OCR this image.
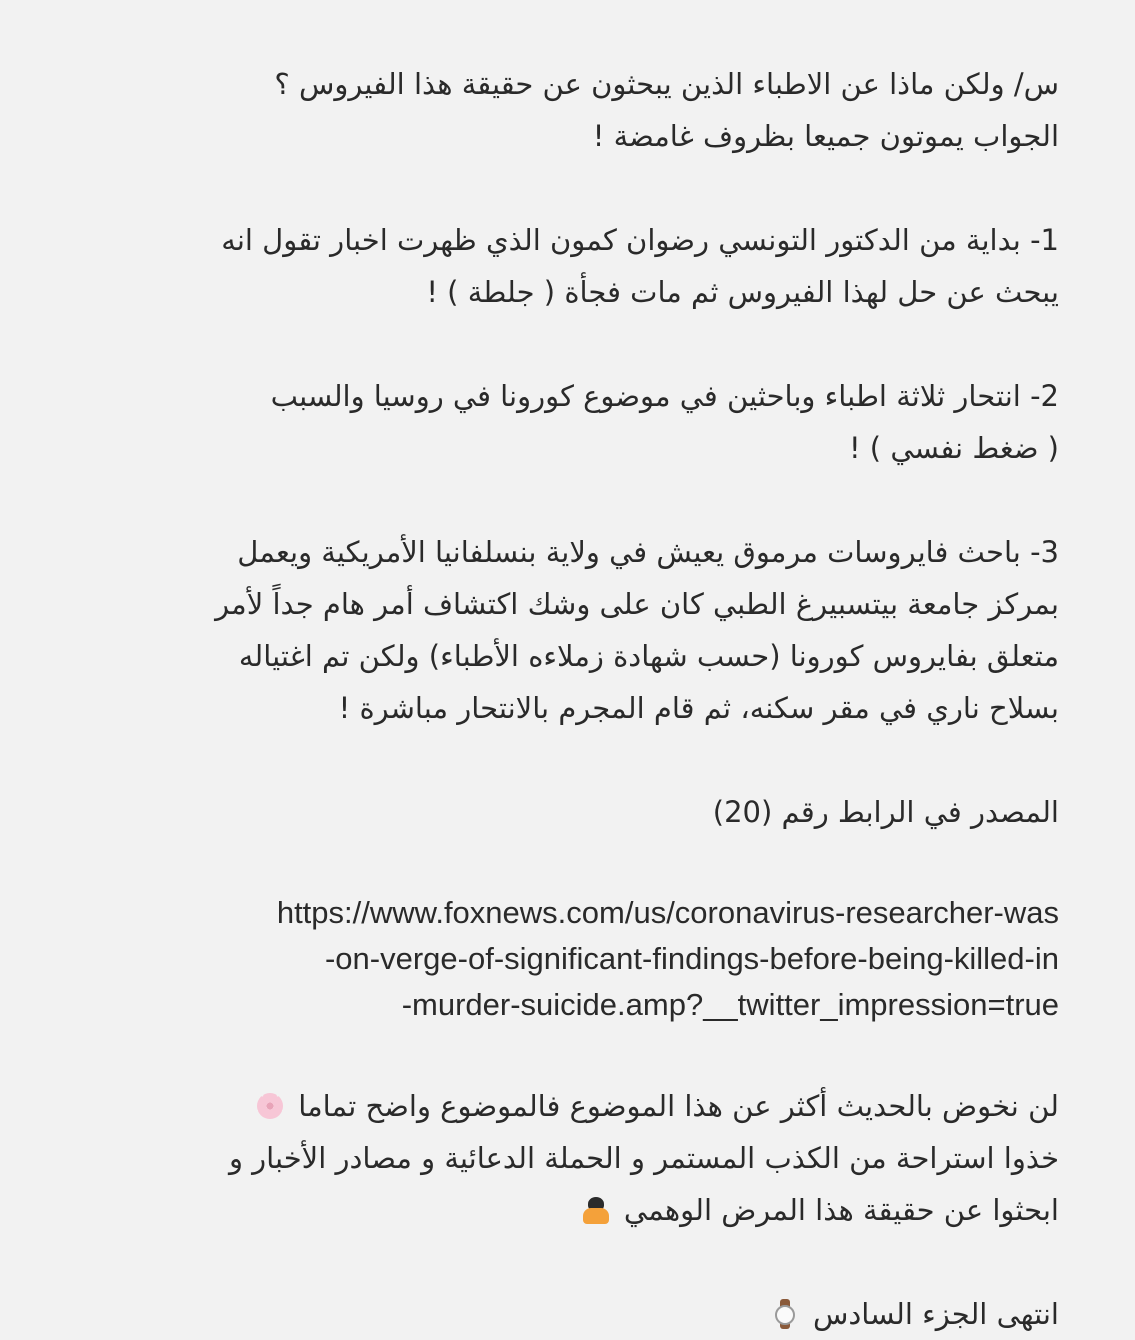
س/ ولكن ماذا عن الاطباء الذين يبحثون عن حقيقة هذا الفيروس ؟
الجواب يموتون جميعا بظروف غامضة !
1- بداية من الدكتور التونسي رضوان كمون الذي ظهرت اخبار تقول انه
يبحث عن حل لهذا الفيروس ثم مات فجأة ( جلطة ) !
2- انتحار ثلاثة اطباء وباحثين في موضوع كورونا في روسيا والسبب
( ضغط نفسي ) !
3- باحث فايروسات مرموق يعيش في ولاية بنسلفانيا الأمريكية ويعمل
بمركز جامعة بيتسبيرغ الطبي كان على وشك اكتشاف أمر هام جداً لأمر
متعلق بفايروس كورونا (حسب شهادة زملاءه الأطباء) ولكن تم اغتياله
بسلاح ناري في مقر سكنه، ثم قام المجرم بالانتحار مباشرة !
المصدر في الرابط رقم (20)
https://www.foxnews.com/us/coronavirus-researcher-was
-on-verge-of-significant-findings-before-being-killed-in
-murder-suicide.amp?__twitter_impression=true
لن نخوض بالحديث أكثر عن هذا الموضوع فالموضوع واضح تماما
خذوا استراحة من الكذب المستمر و الحملة الدعائية و مصادر الأخبار و
ابحثوا عن حقيقة هذا المرض الوهمي
انتهى الجزء السادس
